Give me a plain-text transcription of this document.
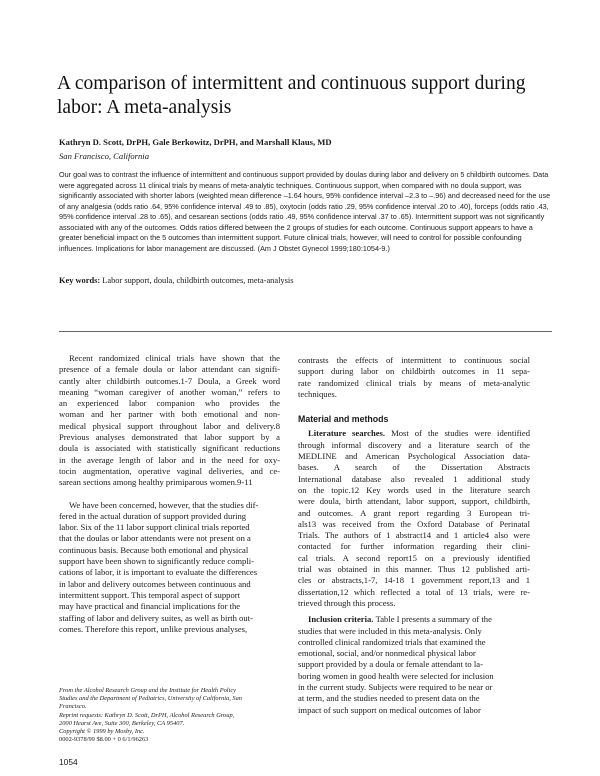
A comparison of intermittent and continuous support during labor: A meta-analysis
Kathryn D. Scott, DrPH, Gale Berkowitz, DrPH, and Marshall Klaus, MD
San Francisco, California

Our goal was to contrast the influence of intermittent and continuous support provided by doulas during labor and delivery on 5 childbirth outcomes. Data were aggregated across 11 clinical trials by means of meta-analytic techniques. Continuous support, when compared with no doula support, was significantly associated with shorter labors (weighted mean difference –1.64 hours, 95% confidence interval –2.3 to –.96) and decreased need for the use of any analgesia (odds ratio .64, 95% confidence interval .49 to .85), oxytocin (odds ratio .29, 95% confidence interval .20 to .40), forceps (odds ratio .43, 95% confidence interval .28 to .65), and cesarean sections (odds ratio .49, 95% confidence interval .37 to .65). Intermittent support was not significantly associated with any of the outcomes. Odds ratios differed between the 2 groups of studies for each outcome. Continuous support appears to have a greater beneficial impact on the 5 outcomes than intermittent support. Future clinical trials, however, will need to control for possible confounding influences. Implications for labor management are discussed. (Am J Obstet Gynecol 1999;180:1054-9.)

Key words: Labor support, doula, childbirth outcomes, meta-analysis
Recent randomized clinical trials have shown that the
presence of a female doula or labor attendant can signifi-
cantly alter childbirth outcomes.1-7 Doula, a Greek word
meaning “woman caregiver of another woman,” refers to
an experienced labor companion who provides the
woman and her partner with both emotional and non-
medical physical support throughout labor and delivery.8
Previous analyses demonstrated that labor support by a
doula is associated with statistically significant reductions
in the average length of labor and in the need for oxy-
tocin augmentation, operative vaginal deliveries, and ce-
sarean sections among healthy primiparous women.9-11
We have been concerned, however, that the studies dif-
fered in the actual duration of support provided during
labor. Six of the 11 labor support clinical trials reported
that the doulas or labor attendants were not present on a
continuous basis. Because both emotional and physical
support have been shown to significantly reduce compli-
cations of labor, it is important to evaluate the differences
in labor and delivery outcomes between continuous and
intermittent support. This temporal aspect of support
may have practical and financial implications for the
staffing of labor and delivery suites, as well as birth out-
comes. Therefore this report, unlike previous analyses,
From the Alcohol Research Group and the Institute for Health Policy
Studies and the Department of Pediatrics, University of California, San
Francisco.
Reprint requests: Kathryn D. Scott, DrPH, Alcohol Research Group,
2000 Hearst Ave, Suite 300, Berkeley, CA 95407.
Copyright © 1999 by Mosby, Inc.
0002-9378/99 $8.00 + 0 6/1/96263
contrasts the effects of intermittent to continuous social
support during labor on childbirth outcomes in 11 sepa-
rate randomized clinical trials by means of meta-analytic
techniques.
Material and methods
Literature searches. Most of the studies were identified
through informal discovery and a literature search of the
MEDLINE and American Psychological Association data-
bases. A search of the Dissertation Abstracts
International database also revealed 1 additional study
on the topic.12 Key words used in the literature search
were doula, birth attendant, labor support, support, childbirth,
and outcomes. A grant report regarding 3 European tri-
als13 was received from the Oxford Database of Perinatal
Trials. The authors of 1 abstract14 and 1 article4 also were
contacted for further information regarding their clini-
cal trials. A second report15 on a previously identified
trial was obtained in this manner. Thus 12 published arti-
cles or abstracts,1-7, 14-18 1 government report,13 and 1
dissertation,12 which reflected a total of 13 trials, were re-
trieved through this process.
Inclusion criteria. Table I presents a summary of the
studies that were included in this meta-analysis. Only
controlled clinical randomized trials that examined the
emotional, social, and/or nonmedical physical labor
support provided by a doula or female attendant to la-
boring women in good health were selected for inclusion
in the current study. Subjects were required to be near or
at term, and the studies needed to present data on the
impact of such support on medical outcomes of labor
1054
